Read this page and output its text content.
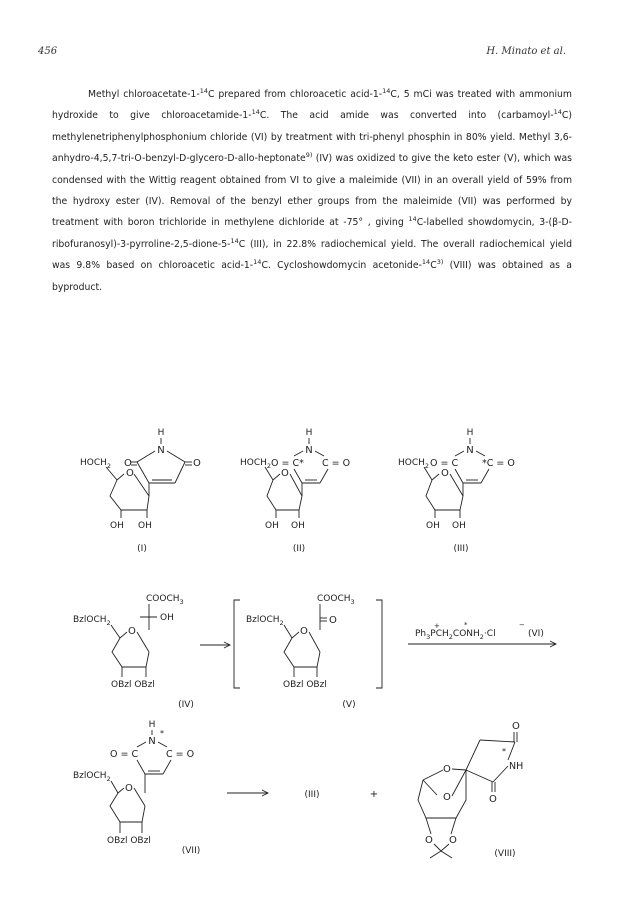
456	H. Minato et al.

Methyl chloroacetate-1-$^{14}$C prepared from chloroacetic acid-1-$^{14}$C, 5 mCi was treated with ammonium hydroxide to give chloroacetamide-1-$^{14}$C. The acid amide was converted into (carbamoyl-$^{14}$C) methylenetriphenylphosphonium chloride (VI) by treatment with tri-phenyl phosphin in 80% yield. Methyl 3,6-anhydro-4,5,7-tri-O-benzyl-D-glycero-D-allo-heptonate$^{9)}$ (IV) was oxidized to give the keto ester (V), which was condensed with the Wittig reagent obtained from VI to give a maleimide (VII) in an overall yield of 59% from the hydroxy ester (IV). Removal of the benzyl ether groups from the maleimide (VII) was performed by treatment with boron trichloride in methylene dichloride at -75° , giving $^{14}$C-labelled showdomycin, 3-(β-D-ribofuranosyl)-3-pyrroline-2,5-dione-5-$^{14}$C (III), in 22.8% radiochemical yield. The overall radiochemical yield was 9.8% based on chloroacetic acid-1-$^{14}$C. Cycloshowdomycin acetonide-$^{14}C^{3)}$ (VIII) was obtained as a byproduct.

H
N
O	O
$HOCH_2$
O
OH OH
(I)
H
N
O = C* C = O
$HOCH_2$
O
OH OH
(II)
H
N
O = C	*C = O
$HOCH_2$
O
OH OH
(III)
$COOCH_3$
OH
BzlOCH$_2$
O
OBzl OBzl
(IV)
$COOCH_3$
O
BzlOCH$_2$
O
OBzl OBzl
(V)
$Ph_3PCH_2CONH_2\cdot Cl$
+	*	−
(VI)
H
N
*
O = C	C = O
BzlOCH$_2$
O
OBzl OBzl
(VII)
(III)	+
O
*
NH
O
O
O
O O
(VIII)
